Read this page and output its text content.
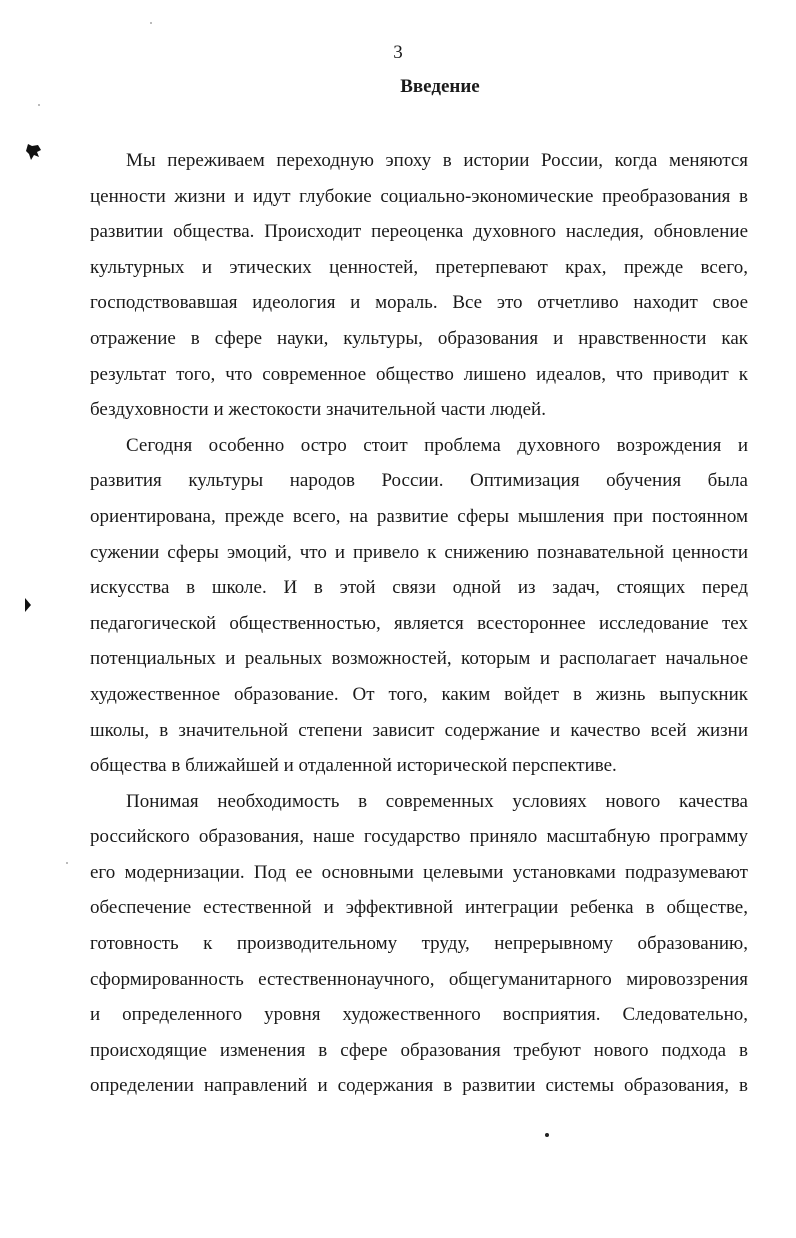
3
Введение
Мы переживаем переходную эпоху в истории России, когда меняются
ценности жизни и идут глубокие социально-экономические преобразования в
развитии общества. Происходит переоценка духовного наследия, обновление
культурных и этических ценностей, претерпевают крах, прежде всего,
господствовавшая идеология и мораль. Все это отчетливо находит свое
отражение в сфере науки, культуры, образования и нравственности как
результат того, что современное общество лишено идеалов, что приводит к
бездуховности и жестокости значительной части людей.
Сегодня особенно остро стоит проблема духовного возрождения и
развития культуры народов России. Оптимизация обучения была
ориентирована, прежде всего, на развитие сферы мышления при постоянном
сужении сферы эмоций, что и привело к снижению познавательной ценности
искусства в школе. И в этой связи одной из задач, стоящих перед
педагогической общественностью, является всестороннее исследование тех
потенциальных и реальных возможностей, которым и располагает начальное
художественное образование. От того, каким войдет в жизнь выпускник
школы, в значительной степени зависит содержание и качество всей жизни
общества в ближайшей и отдаленной исторической перспективе.
Понимая необходимость в современных условиях нового качества
российского образования, наше государство приняло масштабную программу
его модернизации. Под ее основными целевыми установками подразумевают
обеспечение естественной и эффективной интеграции ребенка в обществе,
готовность к производительному труду, непрерывному образованию,
сформированность естественнонаучного, общегуманитарного мировоззрения
и определенного уровня художественного восприятия. Следовательно,
происходящие изменения в сфере образования требуют нового подхода в
определении направлений и содержания в развитии системы образования, в
